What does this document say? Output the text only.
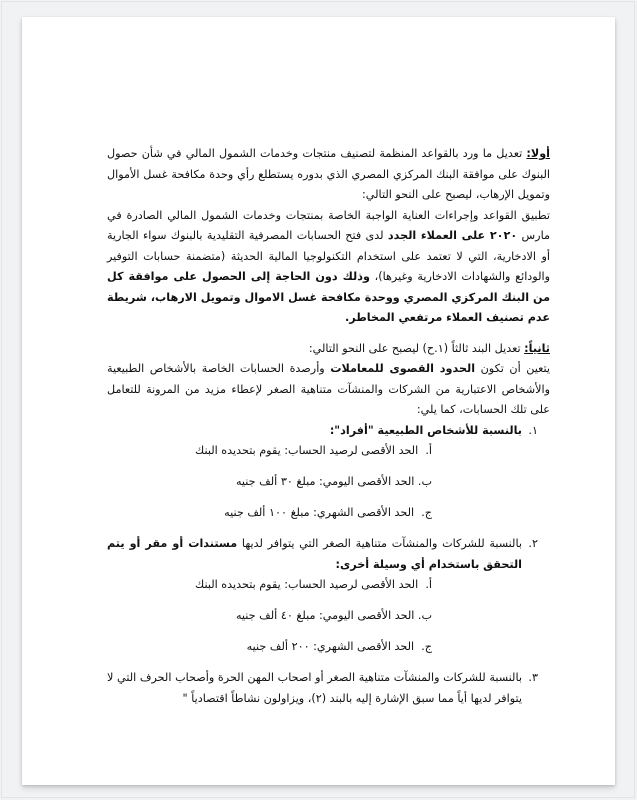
أولا: تعديل ما ورد بالقواعد المنظمة لتصنيف منتجات وخدمات الشمول المالي في شأن حصول البنوك على موافقة البنك المركزي المصري الذي بدوره يستطلع رأي وحدة مكافحة غسل الأموال وتمويل الإرهاب، ليصبح على النحو التالي:

تطبيق القواعد وإجراءات العناية الواجبة الخاصة بمنتجات وخدمات الشمول المالي الصادرة في مارس ٢٠٢٠ على العملاء الجدد لدى فتح الحسابات المصرفية التقليدية بالبنوك سواء الجارية أو الادخارية، التي لا تعتمد على استخدام التكنولوجيا المالية الحديثة (متضمنة حسابات التوفير والودائع والشهادات الادخارية وغيرها)، وذلك دون الحاجة إلى الحصول على موافقة كل من البنك المركزي المصري ووحدة مكافحة غسل الاموال وتمويل الارهاب، شريطة عدم تصنيف العملاء مرتفعي المخاطر.

ثانياً: تعديل البند ثالثاً (١.ح) ليصبح على النحو التالي:

يتعين أن تكون الحدود القصوى للمعاملات وأرصدة الحسابات الخاصة بالأشخاص الطبيعية والأشخاص الاعتبارية من الشركات والمنشآت متناهية الصغر لإعطاء مزيد من المرونة للتعامل على تلك الحسابات، كما يلي:

١.
بالنسبة للأشخاص الطبيعية "أفراد":
أ.  الحد الأقصى لرصيد الحساب: يقوم بتحديده البنك
ب. الحد الأقصى اليومي: مبلغ ٣٠ ألف جنيه
ج.  الحد الأقصى الشهري: مبلغ ١٠٠ ألف جنيه
٢.
بالنسبة للشركات والمنشآت متناهية الصغر التي يتوافر لديها مستندات أو مقر أو يتم التحقق باستخدام أي وسيلة أخرى:
أ.  الحد الأقصى لرصيد الحساب: يقوم بتحديده البنك
ب. الحد الأقصى اليومي: مبلغ ٤٠ ألف جنيه
ج.  الحد الأقصى الشهري: ٢٠٠ ألف جنيه
٣.
بالنسبة للشركات والمنشآت متناهية الصغر أو اصحاب المهن الحرة وأصحاب الحرف التي لا يتوافر لديها أياً مما سبق الإشارة إليه بالبند (٢)، ويزاولون نشاطاً اقتصادياً "
